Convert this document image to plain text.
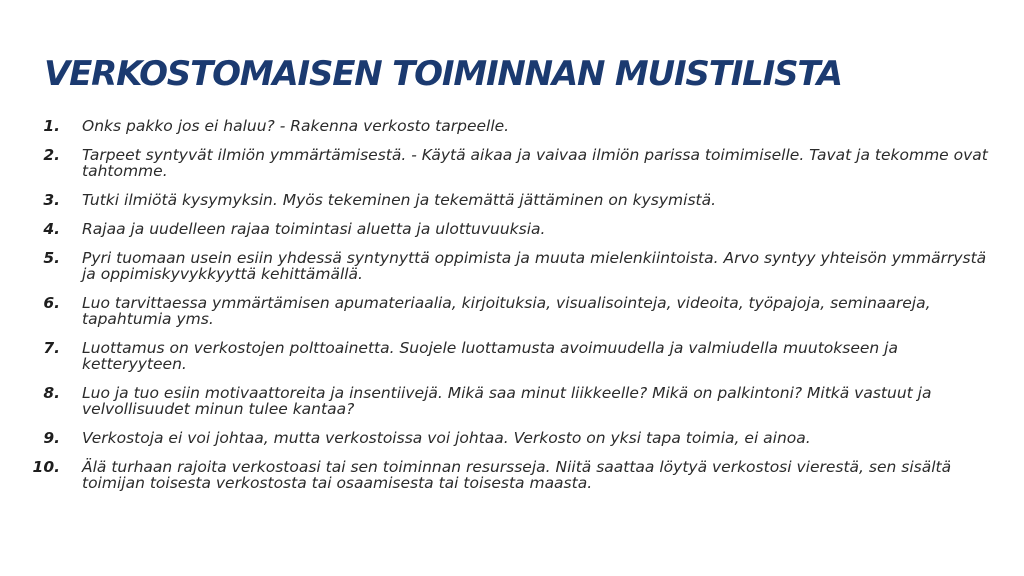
VERKOSTOMAISEN TOIMINNAN MUISTILISTA
1. Onks pakko jos ei haluu? - Rakenna verkosto tarpeelle.
2. Tarpeet syntyvät ilmiön ymmärtämisestä. - Käytä aikaa ja vaivaa ilmiön parissa toimimiselle. Tavat ja tekomme ovat tahtomme.
3. Tutki ilmiötä kysymyksin. Myös tekeminen ja tekemättä jättäminen on kysymistä.
4. Rajaa ja uudelleen rajaa toimintasi aluetta ja ulottuvuuksia.
5. Pyri tuomaan usein esiin yhdessä syntynyttä oppimista ja muuta mielenkiintoista. Arvo syntyy yhteisön ymmärrystä ja oppimiskyvykkyyttä kehittämällä.
6. Luo tarvittaessa ymmärtämisen apumateriaalia, kirjoituksia, visualisointeja, videoita, työpajoja, seminaareja, tapahtumia yms.
7. Luottamus on verkostojen polttoainetta. Suojele luottamusta avoimuudella ja valmiudella muutokseen ja ketteryyteen.
8. Luo ja tuo esiin motivaattoreita ja insentiivejä. Mikä saa minut liikkeelle? Mikä on palkintoni? Mitkä vastuut ja velvollisuudet minun tulee kantaa?
9. Verkostoja ei voi johtaa, mutta verkostoissa voi johtaa. Verkosto on yksi tapa toimia, ei ainoa.
10. Älä turhaan rajoita verkostoasi tai sen toiminnan resursseja. Niitä saattaa löytyä verkostosi vierestä, sen sisältä toimijan toisesta verkostosta tai osaamisesta tai toisesta maasta.
